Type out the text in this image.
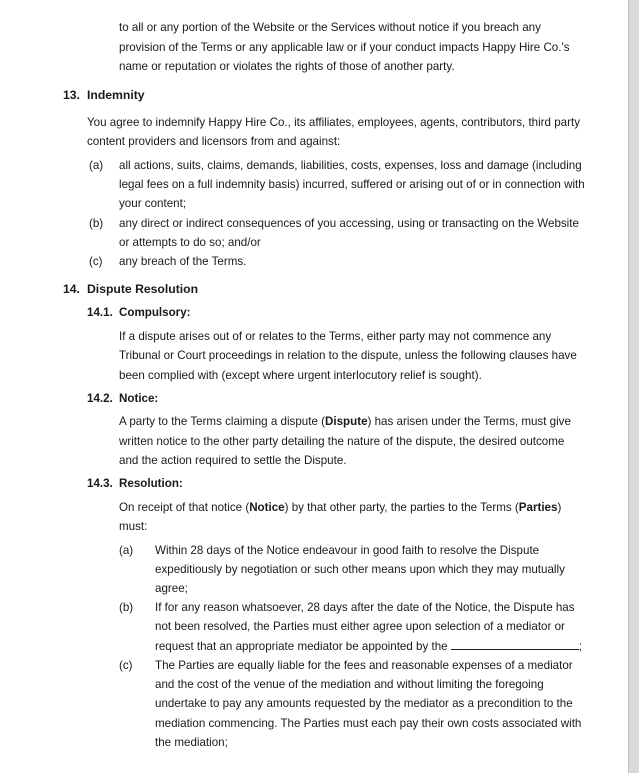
to all or any portion of the Website or the Services without notice if you breach any
provision of the Terms or any applicable law or if your conduct impacts Happy Hire Co.'s
name or reputation or violates the rights of those of another party.
13. Indemnity
You agree to indemnify Happy Hire Co., its affiliates, employees, agents, contributors, third party
content providers and licensors from and against:
(a) all actions, suits, claims, demands, liabilities, costs, expenses, loss and damage (including
legal fees on a full indemnity basis) incurred, suffered or arising out of or in connection with
your content;
(b) any direct or indirect consequences of you accessing, using or transacting on the Website
or attempts to do so; and/or
(c) any breach of the Terms.
14. Dispute Resolution
14.1. Compulsory:
If a dispute arises out of or relates to the Terms, either party may not commence any
Tribunal or Court proceedings in relation to the dispute, unless the following clauses have
been complied with (except where urgent interlocutory relief is sought).
14.2. Notice:
A party to the Terms claiming a dispute (Dispute) has arisen under the Terms, must give
written notice to the other party detailing the nature of the dispute, the desired outcome
and the action required to settle the Dispute.
14.3. Resolution:
On receipt of that notice (Notice) by that other party, the parties to the Terms (Parties)
must:
(a) Within 28 days of the Notice endeavour in good faith to resolve the Dispute
expeditiously by negotiation or such other means upon which they may mutually
agree;
(b) If for any reason whatsoever, 28 days after the date of the Notice, the Dispute has
not been resolved, the Parties must either agree upon selection of a mediator or
request that an appropriate mediator be appointed by the	;
(c) The Parties are equally liable for the fees and reasonable expenses of a mediator
and the cost of the venue of the mediation and without limiting the foregoing
undertake to pay any amounts requested by the mediator as a precondition to the
mediation commencing. The Parties must each pay their own costs associated with
the mediation;
